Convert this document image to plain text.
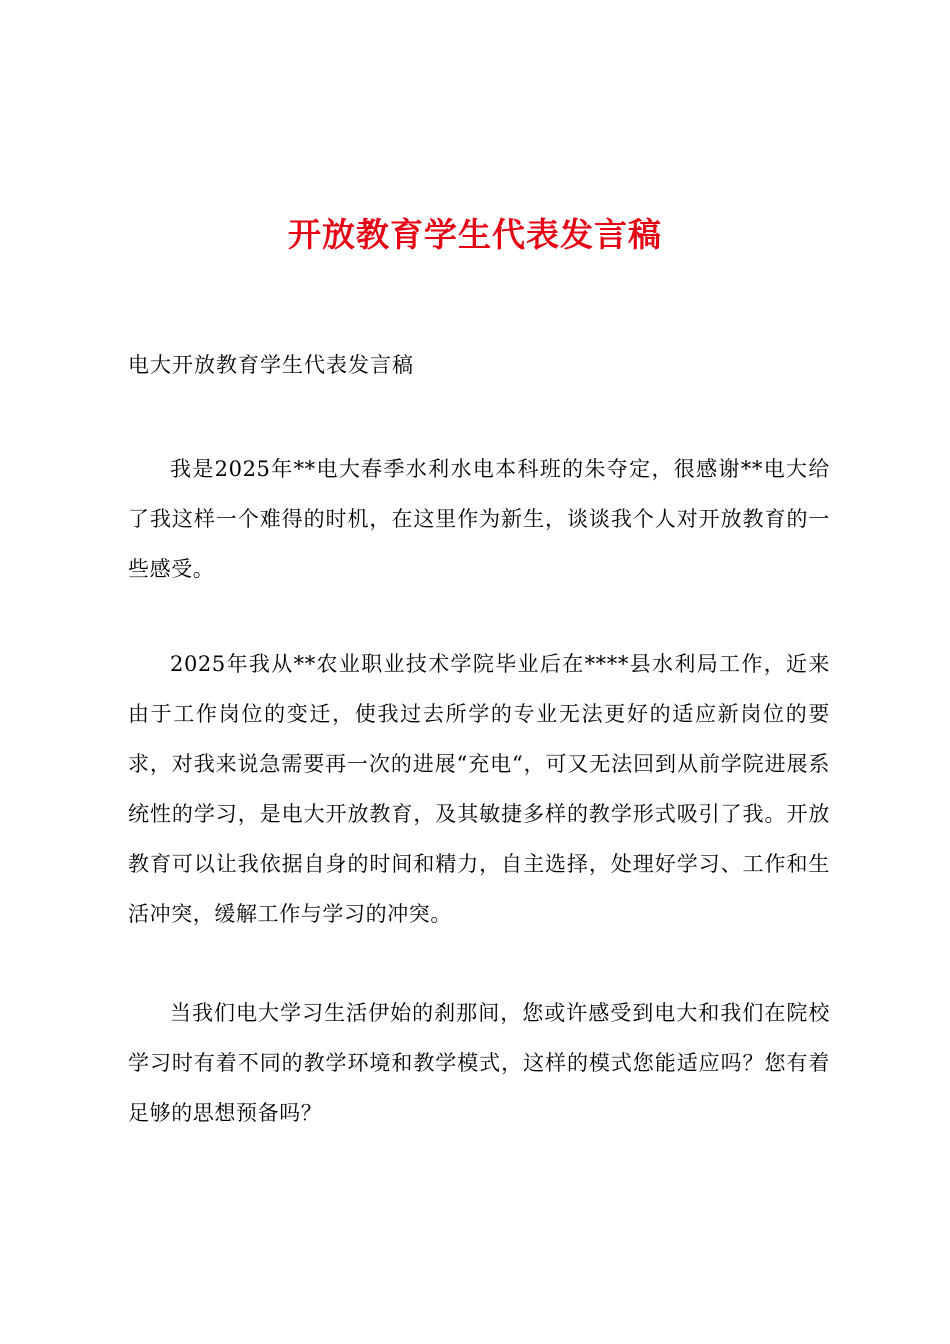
开放教育学生代表发言稿

电大开放教育学生代表发言稿

我是2025年**电大春季水利水电本科班的朱夺定，很感谢**电大给了我这样一个难得的时机，在这里作为新生，谈谈我个人对开放教育的一些感受。

2025年我从**农业职业技术学院毕业后在****县水利局工作，近来由于工作岗位的变迁，使我过去所学的专业无法更好的适应新岗位的要求，对我来说急需要再一次的进展“充电“，可又无法回到从前学院进展系统性的学习，是电大开放教育，及其敏捷多样的教学形式吸引了我。开放教育可以让我依据自身的时间和精力，自主选择，处理好学习、工作和生活冲突，缓解工作与学习的冲突。

当我们电大学习生活伊始的刹那间，您或许感受到电大和我们在院校学习时有着不同的教学环境和教学模式，这样的模式您能适应吗？您有着足够的思想预备吗？
